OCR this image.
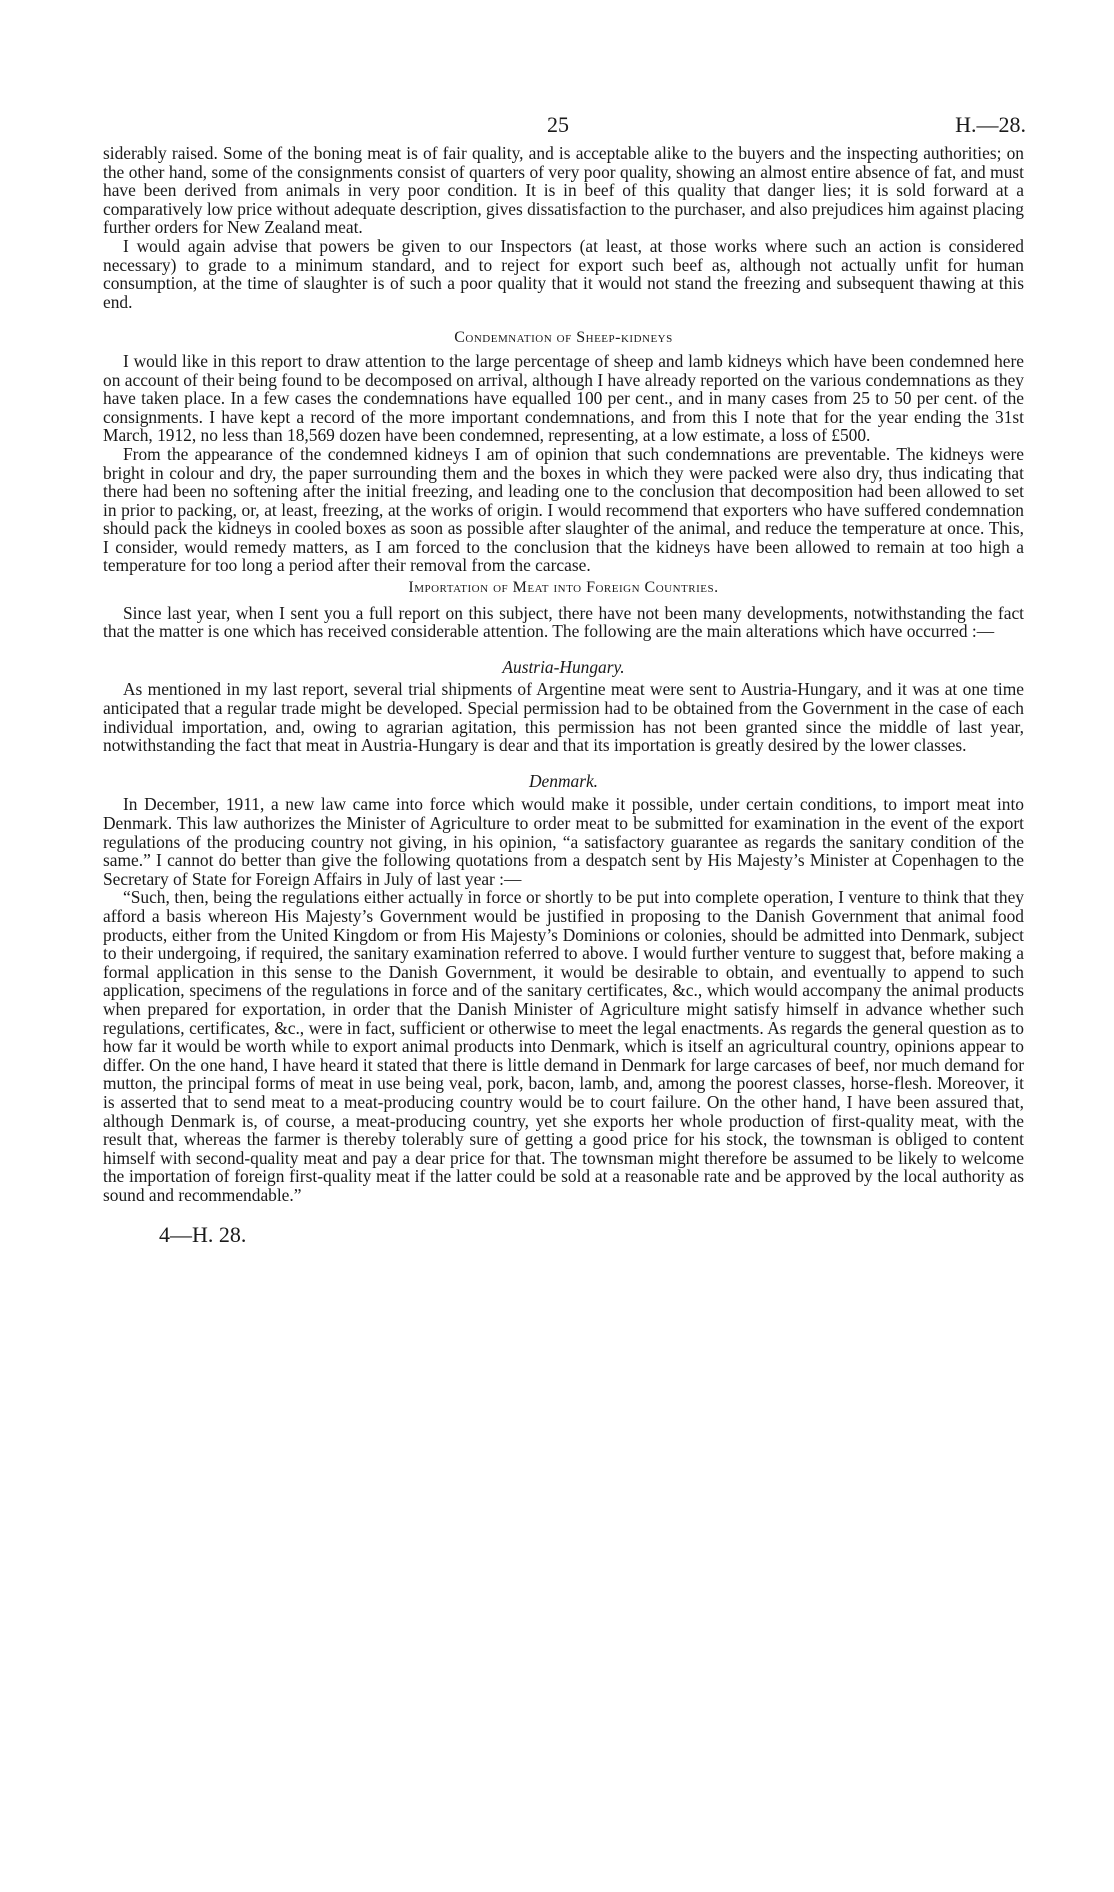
25	H.—28.

siderably raised. Some of the boning meat is of fair quality, and is acceptable alike to the buyers and the inspecting authorities; on the other hand, some of the consignments consist of quarters of very poor quality, showing an almost entire absence of fat, and must have been derived from animals in very poor condition. It is in beef of this quality that danger lies; it is sold forward at a comparatively low price without adequate description, gives dissatisfaction to the purchaser, and also prejudices him against placing further orders for New Zealand meat.

I would again advise that powers be given to our Inspectors (at least, at those works where such an action is considered necessary) to grade to a minimum standard, and to reject for export such beef as, although not actually unfit for human consumption, at the time of slaughter is of such a poor quality that it would not stand the freezing and subsequent thawing at this end.

Condemnation of Sheep-kidneys

I would like in this report to draw attention to the large percentage of sheep and lamb kidneys which have been condemned here on account of their being found to be decomposed on arrival, although I have already reported on the various condemnations as they have taken place. In a few cases the condemnations have equalled 100 per cent., and in many cases from 25 to 50 per cent. of the consignments. I have kept a record of the more important condemnations, and from this I note that for the year ending the 31st March, 1912, no less than 18,569 dozen have been condemned, representing, at a low estimate, a loss of £500.

From the appearance of the condemned kidneys I am of opinion that such condemnations are preventable. The kidneys were bright in colour and dry, the paper surrounding them and the boxes in which they were packed were also dry, thus indicating that there had been no softening after the initial freezing, and leading one to the conclusion that decomposition had been allowed to set in prior to packing, or, at least, freezing, at the works of origin. I would recommend that exporters who have suffered condemnation should pack the kidneys in cooled boxes as soon as possible after slaughter of the animal, and reduce the temperature at once. This, I consider, would remedy matters, as I am forced to the conclusion that the kidneys have been allowed to remain at too high a temperature for too long a period after their removal from the carcase.

Importation of Meat into Foreign Countries.

Since last year, when I sent you a full report on this subject, there have not been many developments, notwithstanding the fact that the matter is one which has received considerable attention. The following are the main alterations which have occurred :—

Austria-Hungary.

As mentioned in my last report, several trial shipments of Argentine meat were sent to Austria-Hungary, and it was at one time anticipated that a regular trade might be developed. Special permission had to be obtained from the Government in the case of each individual importation, and, owing to agrarian agitation, this permission has not been granted since the middle of last year, notwithstanding the fact that meat in Austria-Hungary is dear and that its importation is greatly desired by the lower classes.

Denmark.

In December, 1911, a new law came into force which would make it possible, under certain conditions, to import meat into Denmark. This law authorizes the Minister of Agriculture to order meat to be submitted for examination in the event of the export regulations of the producing country not giving, in his opinion, “a satisfactory guarantee as regards the sanitary condition of the same.” I cannot do better than give the following quotations from a despatch sent by His Majesty’s Minister at Copenhagen to the Secretary of State for Foreign Affairs in July of last year :—

“Such, then, being the regulations either actually in force or shortly to be put into complete operation, I venture to think that they afford a basis whereon His Majesty’s Government would be justified in proposing to the Danish Government that animal food products, either from the United Kingdom or from His Majesty’s Dominions or colonies, should be admitted into Denmark, subject to their undergoing, if required, the sanitary examination referred to above. I would further venture to suggest that, before making a formal application in this sense to the Danish Government, it would be desirable to obtain, and eventually to append to such application, specimens of the regulations in force and of the sanitary certificates, &c., which would accompany the animal products when prepared for exportation, in order that the Danish Minister of Agriculture might satisfy himself in advance whether such regulations, certificates, &c., were in fact, sufficient or otherwise to meet the legal enactments. As regards the general question as to how far it would be worth while to export animal products into Denmark, which is itself an agricultural country, opinions appear to differ. On the one hand, I have heard it stated that there is little demand in Denmark for large carcases of beef, nor much demand for mutton, the principal forms of meat in use being veal, pork, bacon, lamb, and, among the poorest classes, horse-flesh. Moreover, it is asserted that to send meat to a meat-producing country would be to court failure. On the other hand, I have been assured that, although Denmark is, of course, a meat-producing country, yet she exports her whole production of first-quality meat, with the result that, whereas the farmer is thereby tolerably sure of getting a good price for his stock, the townsman is obliged to content himself with second-quality meat and pay a dear price for that. The townsman might therefore be assumed to be likely to welcome the importation of foreign first-quality meat if the latter could be sold at a reasonable rate and be approved by the local authority as sound and recommendable.”

4—H. 28.
